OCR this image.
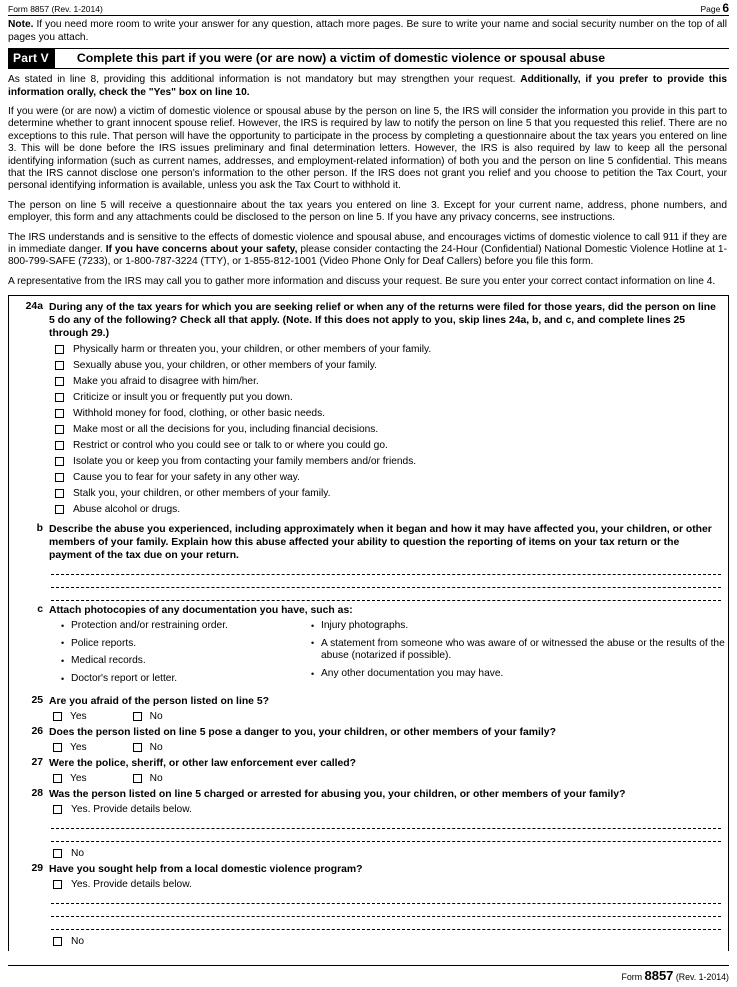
Form 8857 (Rev. 1-2014)	Page 6
Note. If you need more room to write your answer for any question, attach more pages. Be sure to write your name and social security number on the top of all pages you attach.
Part V	Complete this part if you were (or are now) a victim of domestic violence or spousal abuse
As stated in line 8, providing this additional information is not mandatory but may strengthen your request. Additionally, if you prefer to provide this information orally, check the "Yes" box on line 10.
If you were (or are now) a victim of domestic violence or spousal abuse by the person on line 5, the IRS will consider the information you provide in this part to determine whether to grant innocent spouse relief. However, the IRS is required by law to notify the person on line 5 that you requested this relief. There are no exceptions to this rule. That person will have the opportunity to participate in the process by completing a questionnaire about the tax years you entered on line 3. This will be done before the IRS issues preliminary and final determination letters. However, the IRS is also required by law to keep all the personal identifying information (such as current names, addresses, and employment-related information) of both you and the person on line 5 confidential. This means that the IRS cannot disclose one person's information to the other person. If the IRS does not grant you relief and you choose to petition the Tax Court, your personal identifying information is available, unless you ask the Tax Court to withhold it.
The person on line 5 will receive a questionnaire about the tax years you entered on line 3. Except for your current name, address, phone numbers, and employer, this form and any attachments could be disclosed to the person on line 5. If you have any privacy concerns, see instructions.
The IRS understands and is sensitive to the effects of domestic violence and spousal abuse, and encourages victims of domestic violence to call 911 if they are in immediate danger. If you have concerns about your safety, please consider contacting the 24-Hour (Confidential) National Domestic Violence Hotline at 1-800-799-SAFE (7233), or 1-800-787-3224 (TTY), or 1-855-812-1001 (Video Phone Only for Deaf Callers) before you file this form.
A representative from the IRS may call you to gather more information and discuss your request. Be sure you enter your correct contact information on line 4.
24a During any of the tax years for which you are seeking relief or when any of the returns were filed for those years, did the person on line 5 do any of the following? Check all that apply. (Note. If this does not apply to you, skip lines 24a, b, and c, and complete lines 25 through 29.)
Physically harm or threaten you, your children, or other members of your family.
Sexually abuse you, your children, or other members of your family.
Make you afraid to disagree with him/her.
Criticize or insult you or frequently put you down.
Withhold money for food, clothing, or other basic needs.
Make most or all the decisions for you, including financial decisions.
Restrict or control who you could see or talk to or where you could go.
Isolate you or keep you from contacting your family members and/or friends.
Cause you to fear for your safety in any other way.
Stalk you, your children, or other members of your family.
Abuse alcohol or drugs.
b Describe the abuse you experienced, including approximately when it began and how it may have affected you, your children, or other members of your family. Explain how this abuse affected your ability to question the reporting of items on your tax return or the payment of the tax due on your return.
c Attach photocopies of any documentation you have, such as:
• Protection and/or restraining order.
• Police reports.
• Medical records.
• Doctor's report or letter.
• Injury photographs.
• A statement from someone who was aware of or witnessed the abuse or the results of the abuse (notarized if possible).
• Any other documentation you may have.
25 Are you afraid of the person listed on line 5?
Yes	No
26 Does the person listed on line 5 pose a danger to you, your children, or other members of your family?
Yes	No
27 Were the police, sheriff, or other law enforcement ever called?
Yes	No
28 Was the person listed on line 5 charged or arrested for abusing you, your children, or other members of your family?
Yes. Provide details below.
No
29 Have you sought help from a local domestic violence program?
Yes. Provide details below.
No
Form 8857 (Rev. 1-2014)
